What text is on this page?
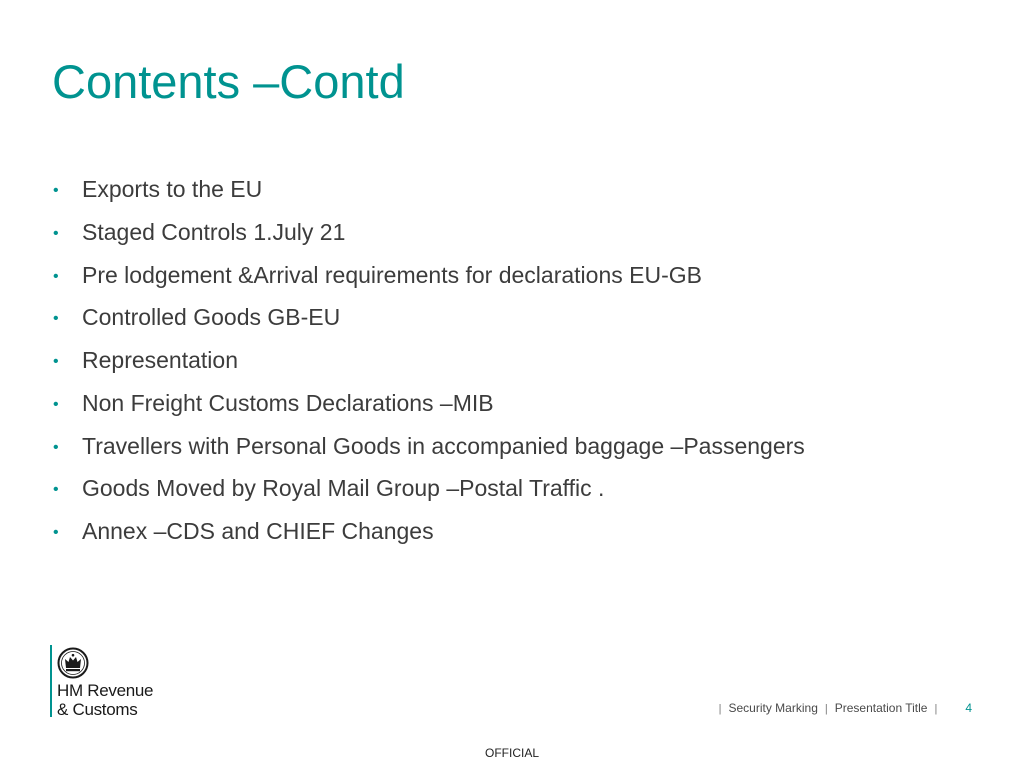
Contents –Contd
•	Exports to the EU
•	Staged Controls 1.July 21
•	Pre lodgement &Arrival requirements for declarations EU-GB
•	Controlled Goods GB-EU
•	Representation
•	Non Freight Customs Declarations –MIB
•	Travellers with Personal Goods in accompanied baggage –Passengers
•	Goods Moved by Royal Mail Group –Postal Traffic .
•	Annex –CDS and CHIEF Changes
HM Revenue
& Customs	| Security Marking | Presentation Title |	4
OFFICIAL
